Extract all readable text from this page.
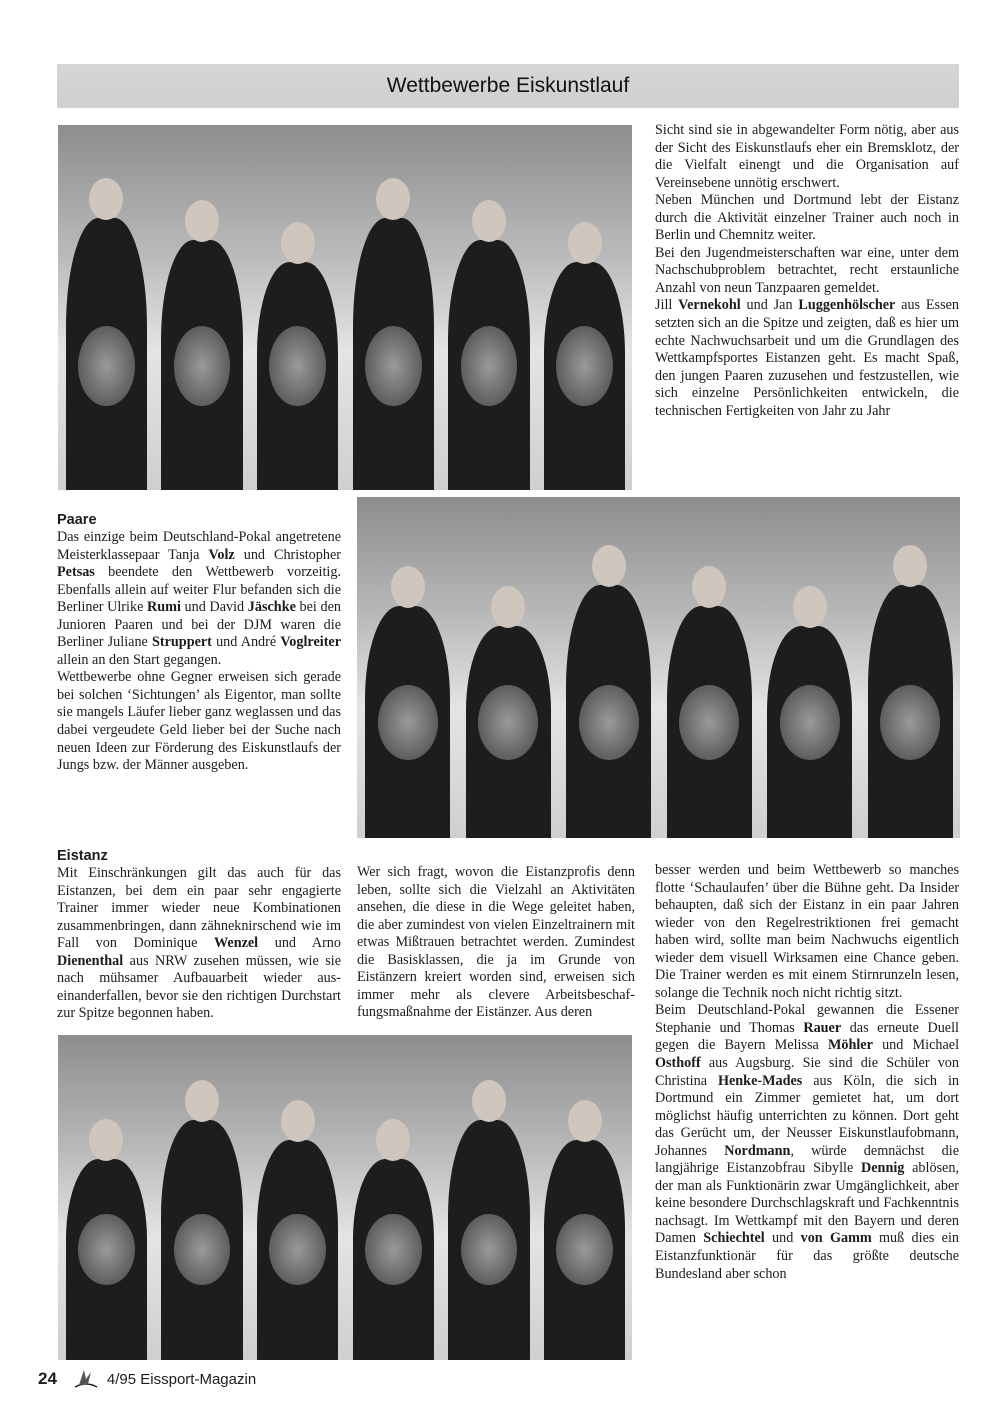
Wettbewerbe Eiskunstlauf

Sicht sind sie in abgewandelter Form nötig, aber aus der Sicht des Eiskunstlaufs eher ein Bremsklotz, der die Vielfalt einengt und die Organisation auf Vereinsebene unnötig erschwert.

Neben München und Dortmund lebt der Eistanz durch die Aktivität einzelner Trainer auch noch in Berlin und Chemnitz weiter.

Bei den Jugendmeisterschaften war eine, unter dem Nachschubproblem betrachtet, recht erstaunliche Anzahl von neun Tanzpaaren gemeldet.

Jill Vernekohl und Jan Luggenhölscher aus Essen setzten sich an die Spitze und zeigten, daß es hier um echte Nachwuchsarbeit und um die Grundlagen des Wettkampfsportes Eistanzen geht. Es macht Spaß, den jungen Paaren zuzusehen und festzustellen, wie sich einzelne Persönlichkeiten entwickeln, die technischen Fertigkeiten von Jahr zu Jahr

Paare

Das einzige beim Deutschland-Pokal angetretene Meisterklassepaar Tanja Volz und Christopher Petsas beendete den Wettbewerb vorzeitig. Ebenfalls allein auf weiter Flur befanden sich die Berliner Ulrike Rumi und David Jäschke bei den Junioren Paaren und bei der DJM waren die Berliner Juliane Struppert und André Voglreiter allein an den Start gegangen.

Wettbewerbe ohne Gegner erweisen sich gerade bei solchen ‘Sichtungen’ als Eigentor, man sollte sie mangels Läufer lieber ganz weglassen und das dabei vergeudete Geld lieber bei der Suche nach neuen Ideen zur Förderung des Eiskunstlaufs der Jungs bzw. der Männer ausgeben.

Eistanz

Mit Einschränkungen gilt das auch für das Eistanzen, bei dem ein paar sehr engagierte Trainer immer wieder neue Kombinationen zusammenbringen, dann zähneknirschend wie im Fall von Dominique Wenzel und Arno Dienenthal aus NRW zusehen müssen, wie sie nach mühsamer Aufbauarbeit wieder auseinanderfallen, bevor sie den richtigen Durchstart zur Spitze begonnen haben.

Wer sich fragt, wovon die Eistanzprofis denn leben, sollte sich die Vielzahl an Aktivitäten ansehen, die diese in die Wege geleitet haben, die aber zumindest von vielen Einzeltrainern mit etwas Mißtrauen betrachtet werden. Zumindest die Basisklassen, die ja im Grunde von Eistänzern kreiert worden sind, erweisen sich immer mehr als clevere Arbeitsbeschaffungsmaßnahme der Eistänzer. Aus deren

besser werden und beim Wettbewerb so manches flotte ‘Schaulaufen’ über die Bühne geht. Da Insider behaupten, daß sich der Eistanz in ein paar Jahren wieder von den Regelrestriktionen frei gemacht haben wird, sollte man beim Nachwuchs eigentlich wieder dem visuell Wirksamen eine Chance geben. Die Trainer werden es mit einem Stirnrunzeln lesen, solange die Technik noch nicht richtig sitzt.

Beim Deutschland-Pokal gewannen die Essener Stephanie und Thomas Rauer das erneute Duell gegen die Bayern Melissa Möhler und Michael Osthoff aus Augsburg. Sie sind die Schüler von Christina Henke-Mades aus Köln, die sich in Dortmund ein Zimmer gemietet hat, um dort möglichst häufig unterrichten zu können. Dort geht das Gerücht um, der Neusser Eiskunstlaufobmann, Johannes Nordmann, würde demnächst die langjährige Eistanzobfrau Sibylle Dennig ablösen, der man als Funktionärin zwar Umgänglichkeit, aber keine besondere Durchschlagskraft und Fachkenntnis nachsagt. Im Wettkampf mit den Bayern und deren Damen Schiechtel und von Gamm muß dies ein Eistanzfunktionär für das größte deutsche Bundesland aber schon

24	4/95 Eissport-Magazin
